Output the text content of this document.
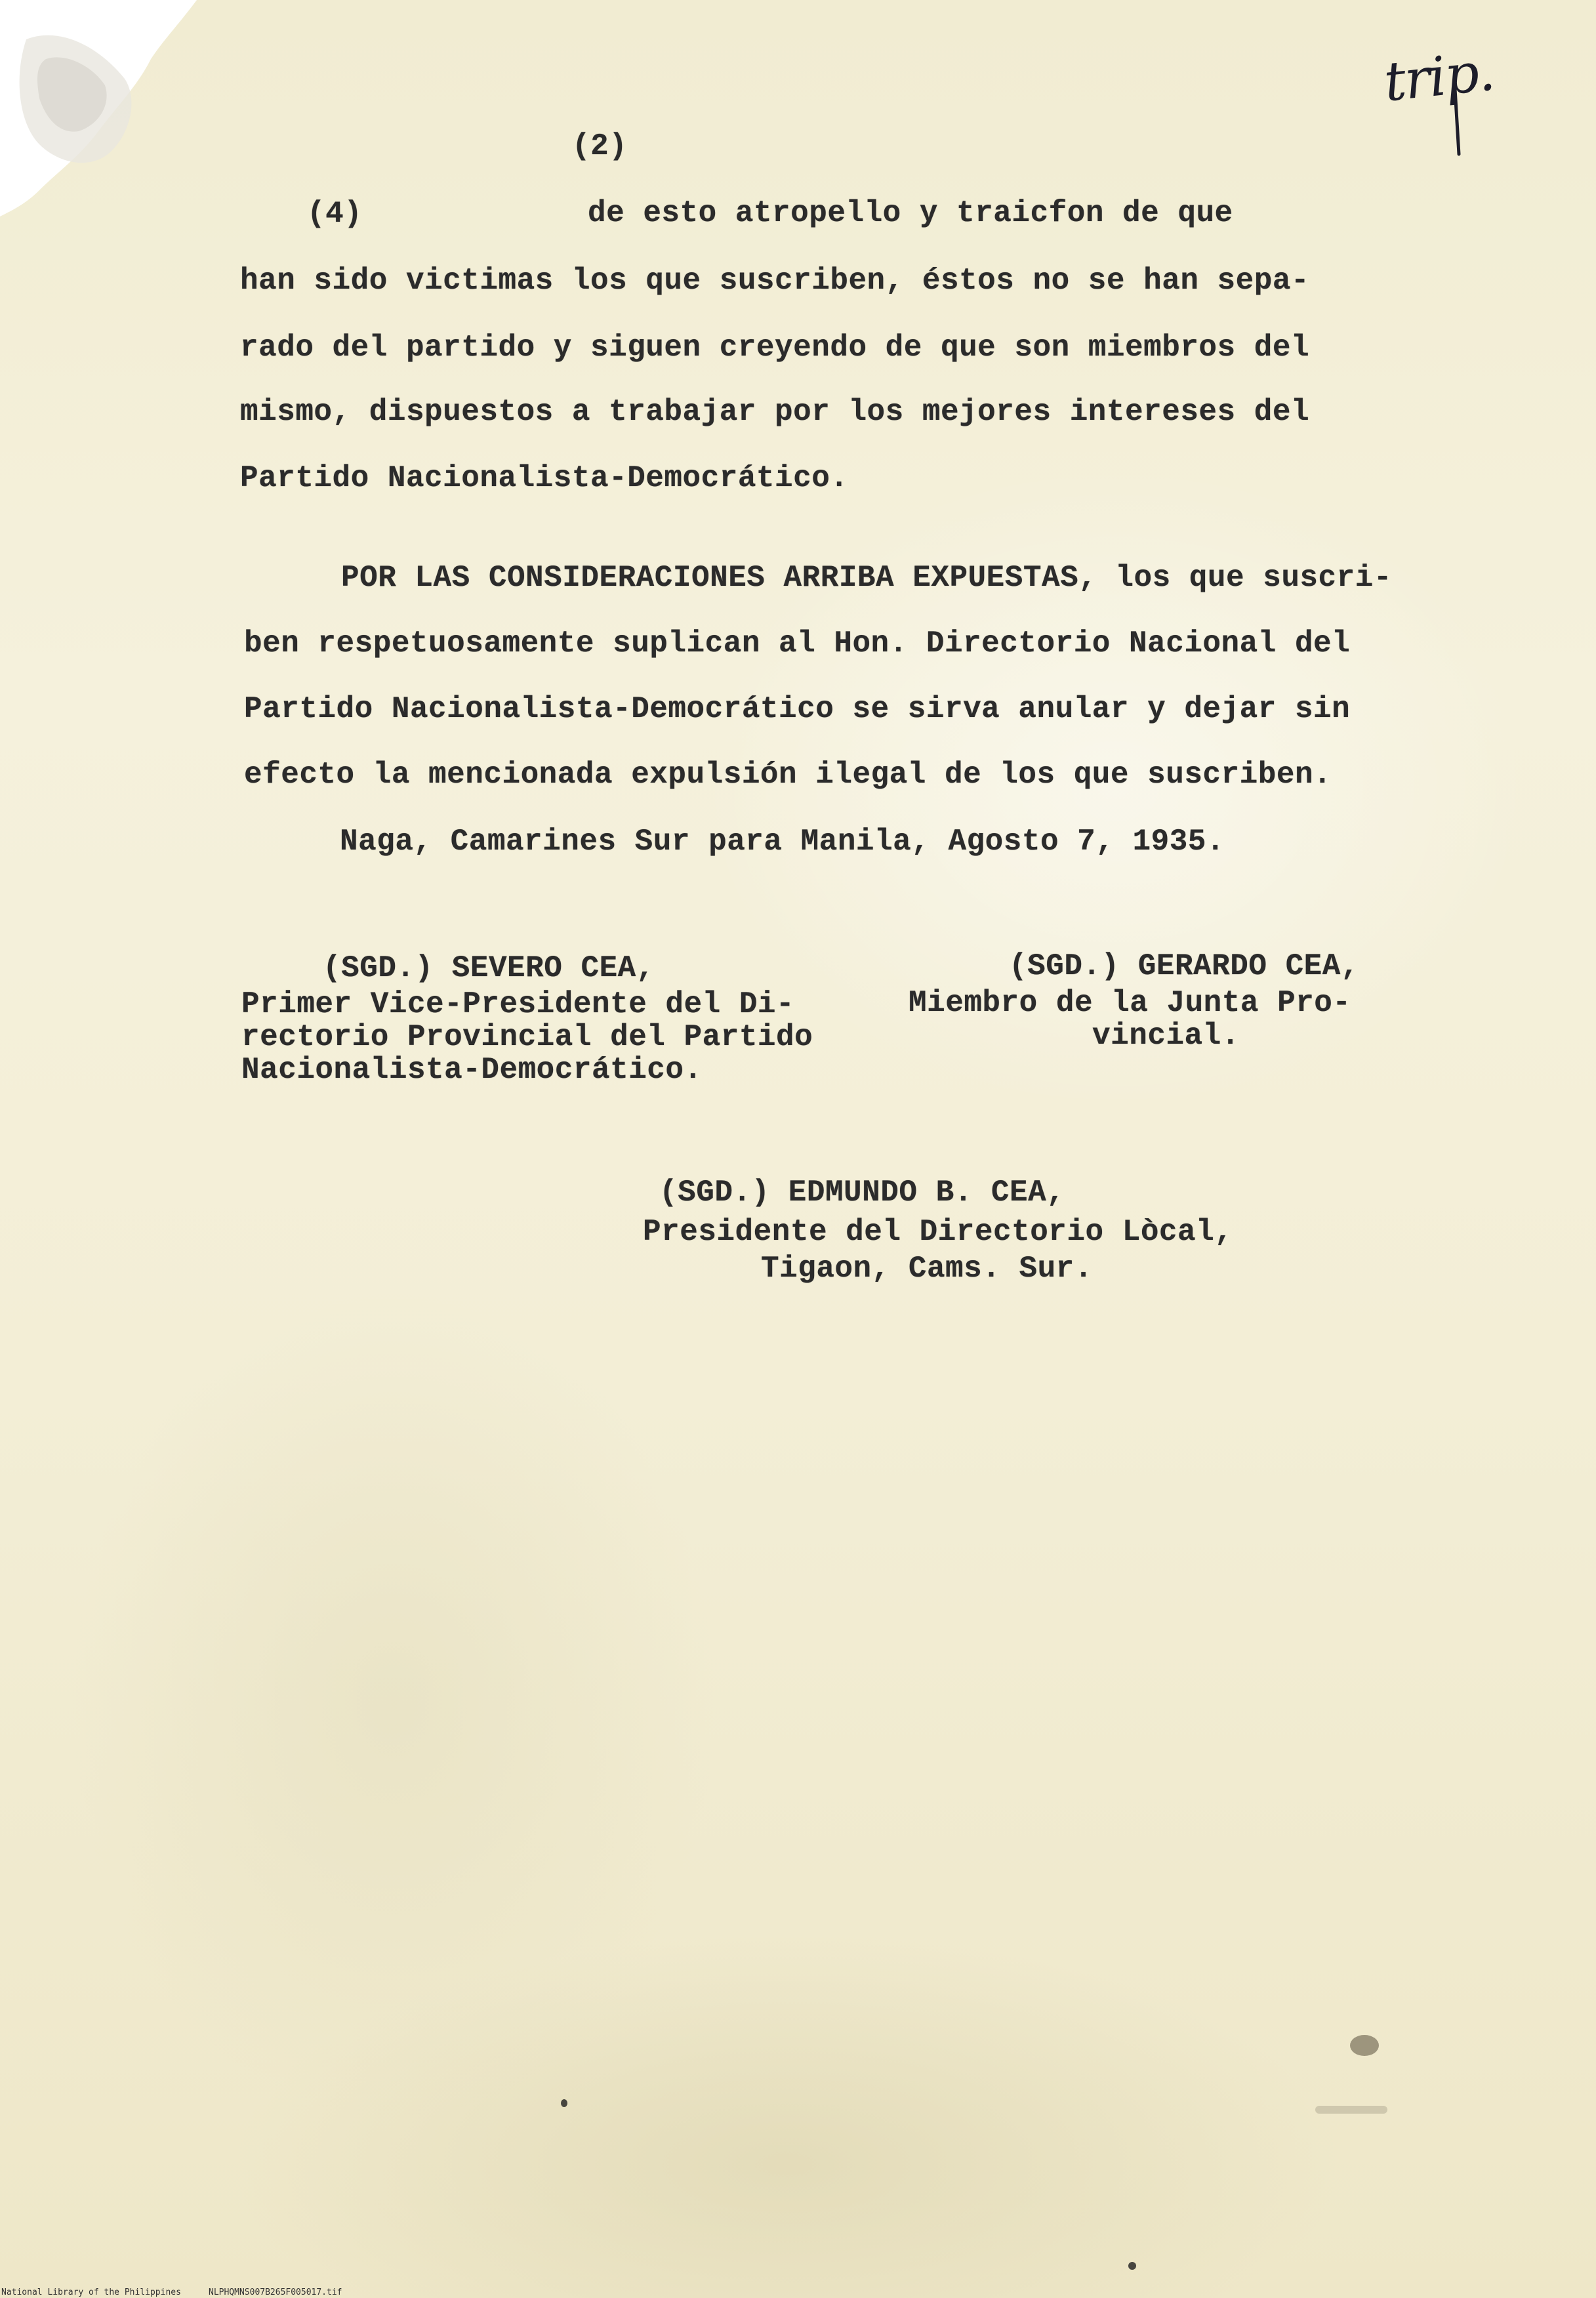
trip.
(2)
(4)	de esto atropello y traicfon de que
han sido victimas los que suscriben, éstos no se han sepa-
rado del partido y siguen creyendo de que son miembros del
mismo, dispuestos a trabajar por los mejores intereses del
Partido Nacionalista-Democrático.
POR LAS CONSIDERACIONES ARRIBA EXPUESTAS, los que suscri-
ben respetuosamente suplican al Hon. Directorio Nacional del
Partido Nacionalista-Democrático se sirva anular y dejar sin
efecto la mencionada expulsión ilegal de los que suscriben.
Naga, Camarines Sur para Manila, Agosto 7, 1935.
(SGD.) SEVERO CEA,
Primer Vice-Presidente del Di-
rectorio Provincial del Partido
Nacionalista-Democrático.
(SGD.) GERARDO CEA,
Miembro de la Junta Pro-
vincial.
(SGD.) EDMUNDO B. CEA,
Presidente del Directorio Lòcal,
Tigaon, Cams. Sur.
National Library of the Philippines	NLPHQMNS007B265F005017.tif
